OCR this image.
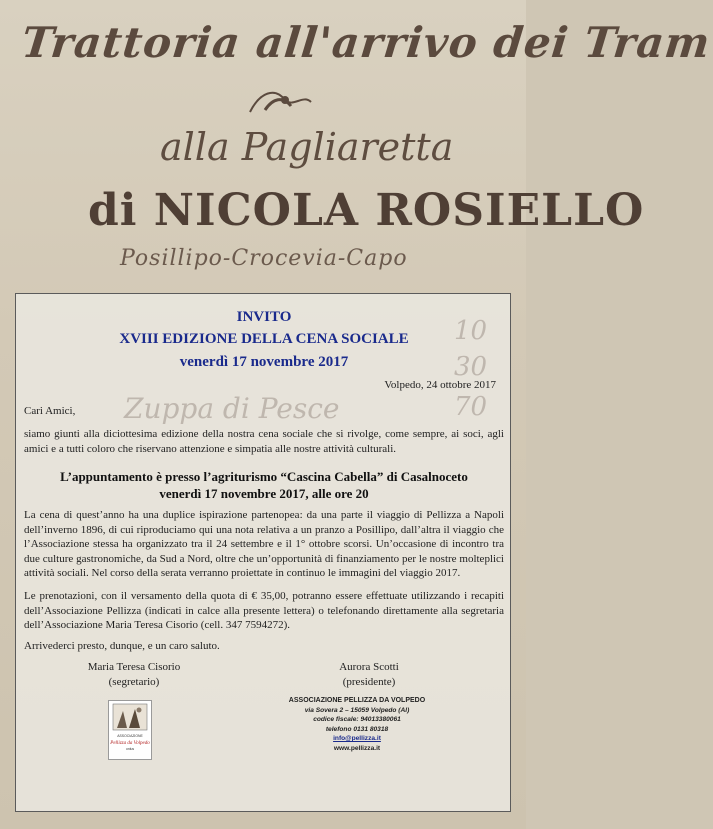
Trattoria all'arrivo dei Tram
alla Pagliaretta
di NICOLA ROSIELLO
Posillipo-Crocevia-Capo
10
30
Zuppa di Pesce	70
INVITO
XVIII EDIZIONE DELLA CENA SOCIALE
venerdì 17 novembre 2017
Volpedo, 24 ottobre 2017
Cari Amici,
siamo giunti alla diciottesima edizione della nostra cena sociale che si rivolge, come sempre, ai soci, agli amici e a tutti coloro che riservano attenzione e simpatia alle nostre attività culturali.
L’appuntamento è presso l’agriturismo “Cascina Cabella” di Casalnoceto
venerdì 17 novembre 2017, alle ore 20
La cena di quest’anno ha una duplice ispirazione partenopea: da una parte il viaggio di Pellizza a Napoli dell’inverno 1896, di cui riproduciamo qui una nota relativa a un pranzo a Posillipo, dall’altra il viaggio che l’Associazione stessa ha organizzato tra il 24 settembre e il 1° ottobre scorsi. Un’occasione di incontro tra due culture gastronomiche, da Sud a Nord, oltre che un’opportunità di finanziamento per le nostre molteplici attività sociali. Nel corso della serata verranno proiettate in continuo le immagini del viaggio 2017.
Le prenotazioni, con il versamento della quota di € 35,00, potranno essere effettuate utilizzando i recapiti dell’Associazione Pellizza (indicati in calce alla presente lettera) o telefonando direttamente alla segretaria dell’Associazione Maria Teresa Cisorio (cell. 347 7594272).
Arrivederci presto, dunque, e un caro saluto.
Maria Teresa Cisorio
(segretario)
Aurora Scotti
(presidente)
ASSOCIAZIONE
Pellizza da Volpedo
onlus
ASSOCIAZIONE PELLIZZA DA VOLPEDO
via Sovera 2 – 15059 Volpedo (Al)
codice fiscale: 94013380061
telefono 0131 80318
info@pellizza.it
www.pellizza.it
